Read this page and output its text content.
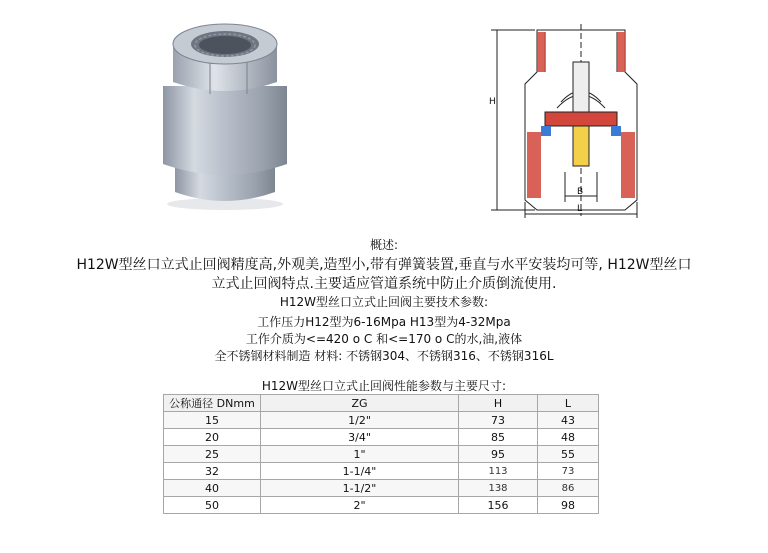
H
B
L
概述:
H12W型丝口立式止回阀精度高,外观美,造型小,带有弹簧装置,垂直与水平安装均可等, H12W型丝口
立式止回阀特点.主要适应管道系统中防止介质倒流使用.
H12W型丝口立式止回阀主要技术参数:
工作压力H12型为6-16Mpa H13型为4-32Mpa
工作介质为<=420 o C 和<=170 o C的水,油,液体
全不锈钢材料制造 材料: 不锈钢304、不锈钢316、不锈钢316L
H12W型丝口立式止回阀性能参数与主要尺寸:
公称通径 DNmm	ZG	H	L
15	1/2"	73	43
20	3/4"	85	48
25	1"	95	55
32	1-1/4"	113	73
40	1-1/2"	138	86
50	2"	156	98
